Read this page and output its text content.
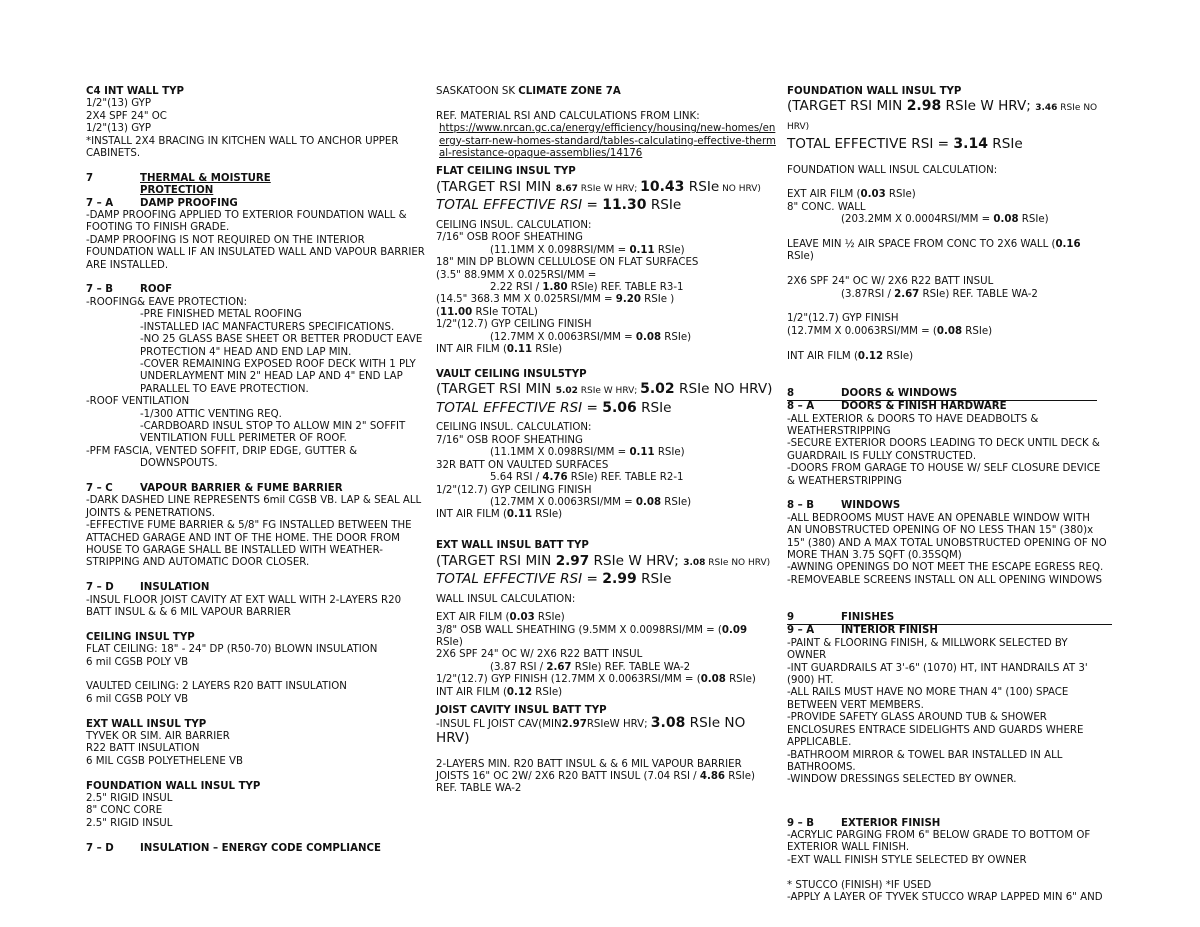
C4 INT WALL TYP
1/2"(13) GYP
2X4 SPF 24" OC
1/2"(13) GYP
*INSTALL 2X4 BRACING IN KITCHEN WALL TO ANCHOR UPPER CABINETS.
7	THERMAL & MOISTURE PROTECTION
7 – A	DAMP PROOFING
-DAMP PROOFING APPLIED TO EXTERIOR FOUNDATION WALL & FOOTING TO FINISH GRADE.
-DAMP PROOFING IS NOT REQUIRED ON THE INTERIOR FOUNDATION WALL IF AN INSULATED WALL AND VAPOUR BARRIER ARE INSTALLED.
7 – B	ROOF
-ROOFING& EAVE PROTECTION:
-PRE FINISHED METAL ROOFING
-INSTALLED IAC MANFACTURERS SPECIFICATIONS.
-NO 25 GLASS BASE SHEET OR BETTER PRODUCT EAVE PROTECTION 4" HEAD AND END LAP MIN.
-COVER REMAINING EXPOSED ROOF DECK WITH 1 PLY UNDERLAYMENT MIN 2" HEAD LAP AND 4" END LAP PARALLEL TO EAVE PROTECTION.
-ROOF VENTILATION
-1/300 ATTIC VENTING REQ.
-CARDBOARD INSUL STOP TO ALLOW MIN 2" SOFFIT VENTILATION FULL PERIMETER OF ROOF.
-PFM FASCIA, VENTED SOFFIT, DRIP EDGE, GUTTER &
DOWNSPOUTS.
7 – C	VAPOUR BARRIER & FUME BARRIER
-DARK DASHED LINE REPRESENTS 6mil CGSB VB. LAP & SEAL ALL JOINTS & PENETRATIONS.
-EFFECTIVE FUME BARRIER & 5/8" FG INSTALLED BETWEEN THE ATTACHED GARAGE AND INT OF THE HOME. THE DOOR FROM HOUSE TO GARAGE SHALL BE INSTALLED WITH WEATHER-STRIPPING AND AUTOMATIC DOOR CLOSER.
7 – D	INSULATION
-INSUL FLOOR JOIST CAVITY AT EXT WALL WITH 2-LAYERS R20 BATT INSUL & & 6 MIL VAPOUR BARRIER
CEILING INSUL TYP
FLAT CEILING: 18" - 24" DP (R50-70) BLOWN INSULATION
6 mil CGSB POLY VB
VAULTED CEILING: 2 LAYERS R20 BATT INSULATION
6 mil CGSB POLY VB
EXT WALL INSUL TYP
TYVEK OR SIM. AIR BARRIER
R22 BATT INSULATION
6 MIL CGSB POLYETHELENE VB
FOUNDATION WALL INSUL TYP
2.5" RIGID INSUL
8" CONC CORE
2.5" RIGID INSUL
7 – D	INSULATION – ENERGY CODE COMPLIANCE
SASKATOON SK CLIMATE ZONE 7A
REF. MATERIAL RSI AND CALCULATIONS FROM LINK:
https://www.nrcan.gc.ca/energy/efficiency/housing/new-homes/energy-starr-new-homes-standard/tables-calculating-effective-thermal-resistance-opaque-assemblies/14176
FLAT CEILING INSUL TYP
(TARGET RSI MIN 8.67 RSIe W HRV; 10.43 RSIe NO HRV)
TOTAL EFFECTIVE RSI = 11.30 RSIe
CEILING INSUL. CALCULATION:
7/16" OSB ROOF SHEATHING
(11.1MM X 0.098RSI/MM = 0.11 RSIe)
18" MIN DP BLOWN CELLULOSE ON FLAT SURFACES
(3.5" 88.9MM X 0.025RSI/MM =
2.22 RSI / 1.80 RSIe) REF. TABLE R3-1
(14.5" 368.3 MM X 0.025RSI/MM = 9.20 RSIe )
(11.00 RSIe TOTAL)
1/2"(12.7) GYP CEILING FINISH
(12.7MM X 0.0063RSI/MM = 0.08 RSIe)
INT AIR FILM (0.11 RSIe)
VAULT CEILING INSUL5TYP
(TARGET RSI MIN 5.02 RSIe W HRV; 5.02 RSIe NO HRV)
TOTAL EFFECTIVE RSI = 5.06 RSIe
CEILING INSUL. CALCULATION:
7/16" OSB ROOF SHEATHING
(11.1MM X 0.098RSI/MM = 0.11 RSIe)
32R BATT ON VAULTED SURFACES
5.64 RSI / 4.76 RSIe) REF. TABLE R2-1
1/2"(12.7) GYP CEILING FINISH
(12.7MM X 0.0063RSI/MM = 0.08 RSIe)
INT AIR FILM (0.11 RSIe)
EXT WALL INSUL BATT TYP
(TARGET RSI MIN 2.97 RSIe W HRV; 3.08 RSIe NO HRV)
TOTAL EFFECTIVE RSI = 2.99 RSIe
WALL INSUL CALCULATION:
EXT AIR FILM (0.03 RSIe)
3/8" OSB WALL SHEATHING (9.5MM X 0.0098RSI/MM = (0.09 RSIe)
2X6 SPF 24" OC W/ 2X6 R22 BATT INSUL
(3.87 RSI / 2.67 RSIe) REF. TABLE WA-2
1/2"(12.7) GYP FINISH (12.7MM X 0.0063RSI/MM = (0.08 RSIe)
INT AIR FILM (0.12 RSIe)
JOIST CAVITY INSUL BATT TYP
-INSUL FL JOIST CAV(MIN2.97RSIeW HRV; 3.08 RSIe NO HRV)
2-LAYERS MIN. R20 BATT INSUL & & 6 MIL VAPOUR BARRIER JOISTS 16" OC 2W/ 2X6 R20 BATT INSUL (7.04 RSI / 4.86 RSIe) REF. TABLE WA-2
FOUNDATION WALL INSUL TYP
(TARGET RSI MIN 2.98 RSIe W HRV; 3.46 RSIe NO HRV)
TOTAL EFFECTIVE RSI = 3.14 RSIe
FOUNDATION WALL INSUL CALCULATION:
EXT AIR FILM (0.03 RSIe)
8" CONC. WALL
(203.2MM X 0.0004RSI/MM = 0.08 RSIe)
LEAVE MIN ½ AIR SPACE FROM CONC TO 2X6 WALL (0.16 RSIe)
2X6 SPF 24" OC W/ 2X6 R22 BATT INSUL
(3.87RSI / 2.67 RSIe) REF. TABLE WA-2
1/2"(12.7) GYP FINISH
(12.7MM X 0.0063RSI/MM = (0.08 RSIe)
INT AIR FILM (0.12 RSIe)
8	DOORS & WINDOWS
8 – A	DOORS & FINISH HARDWARE
-ALL EXTERIOR & DOORS TO HAVE DEADBOLTS & WEATHERSTRIPPING
-SECURE EXTERIOR DOORS LEADING TO DECK UNTIL DECK & GUARDRAIL IS FULLY CONSTRUCTED.
-DOORS FROM GARAGE TO HOUSE W/ SELF CLOSURE DEVICE & WEATHERSTRIPPING
8 – B	WINDOWS
-ALL BEDROOMS MUST HAVE AN OPENABLE WINDOW WITH AN UNOBSTRUCTED OPENING OF NO LESS THAN 15" (380)x 15" (380) AND A MAX TOTAL UNOBSTRUCTED OPENING OF NO MORE THAN 3.75 SQFT (0.35SQM)
-AWNING OPENINGS DO NOT MEET THE ESCAPE EGRESS REQ.
-REMOVEABLE SCREENS INSTALL ON ALL OPENING WINDOWS
9	FINISHES
9 – A	INTERIOR FINISH
-PAINT & FLOORING FINISH, & MILLWORK SELECTED BY OWNER
-INT GUARDRAILS AT 3'-6" (1070) HT, INT HANDRAILS AT 3' (900) HT.
-ALL RAILS MUST HAVE NO MORE THAN 4" (100) SPACE BETWEEN VERT MEMBERS.
-PROVIDE SAFETY GLASS AROUND TUB & SHOWER ENCLOSURES ENTRACE SIDELIGHTS AND GUARDS WHERE APPLICABLE.
-BATHROOM MIRROR & TOWEL BAR INSTALLED IN ALL BATHROOMS.
-WINDOW DRESSINGS SELECTED BY OWNER.
9 – B	EXTERIOR FINISH
-ACRYLIC PARGING FROM 6" BELOW GRADE TO BOTTOM OF EXTERIOR WALL FINISH.
-EXT WALL FINISH STYLE SELECTED BY OWNER
* STUCCO (FINISH) *IF USED
-APPLY A LAYER OF TYVEK STUCCO WRAP LAPPED MIN 6" AND
